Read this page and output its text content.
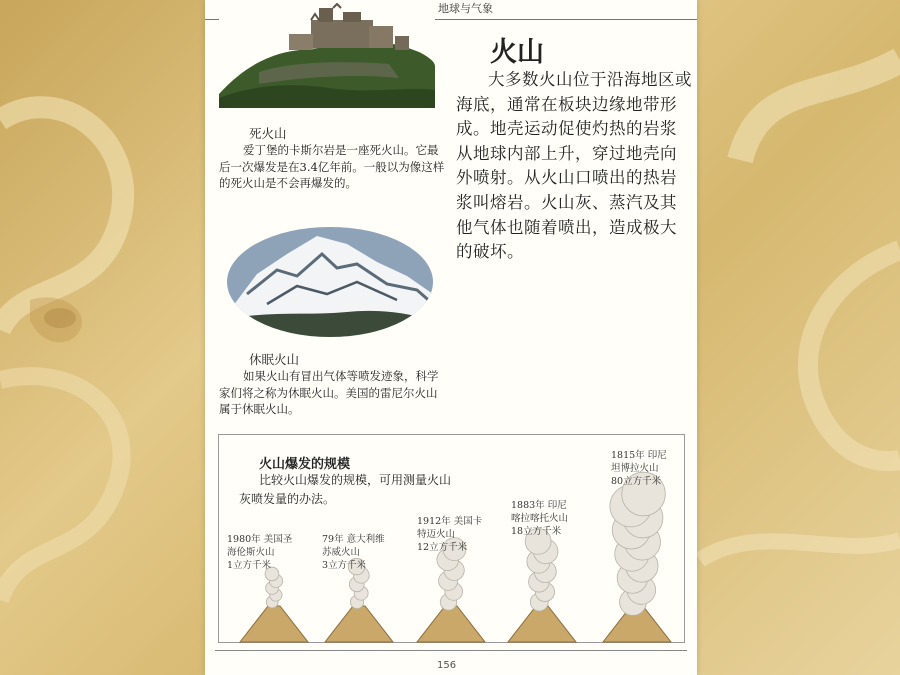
地球与气象
死火山
爱丁堡的卡斯尔岩是一座死火山。它最后一次爆发是在3.4亿年前。一般以为像这样的死火山是不会再爆发的。
休眠火山
如果火山有冒出气体等喷发迹象，科学家们将之称为休眠火山。美国的雷尼尔火山属于休眠火山。
火山
大多数火山位于沿海地区或海底，通常在板块边缘地带形成。地壳运动促使灼热的岩浆从地球内部上升，穿过地壳向外喷射。从火山口喷出的热岩浆叫熔岩。火山灰、蒸汽及其他气体也随着喷出，造成极大的破坏。
火山爆发的规模
比较火山爆发的规模，可用测量火山灰喷发量的办法。
1980年 美国圣
海伦斯火山
1立方千米
79年 意大利维
苏威火山
3立方千米
1912年 美国卡
特迈火山
12立方千米
1883年 印尼
喀拉喀托火山
18立方千米
1815年 印尼
坦博拉火山
80立方千米
156
